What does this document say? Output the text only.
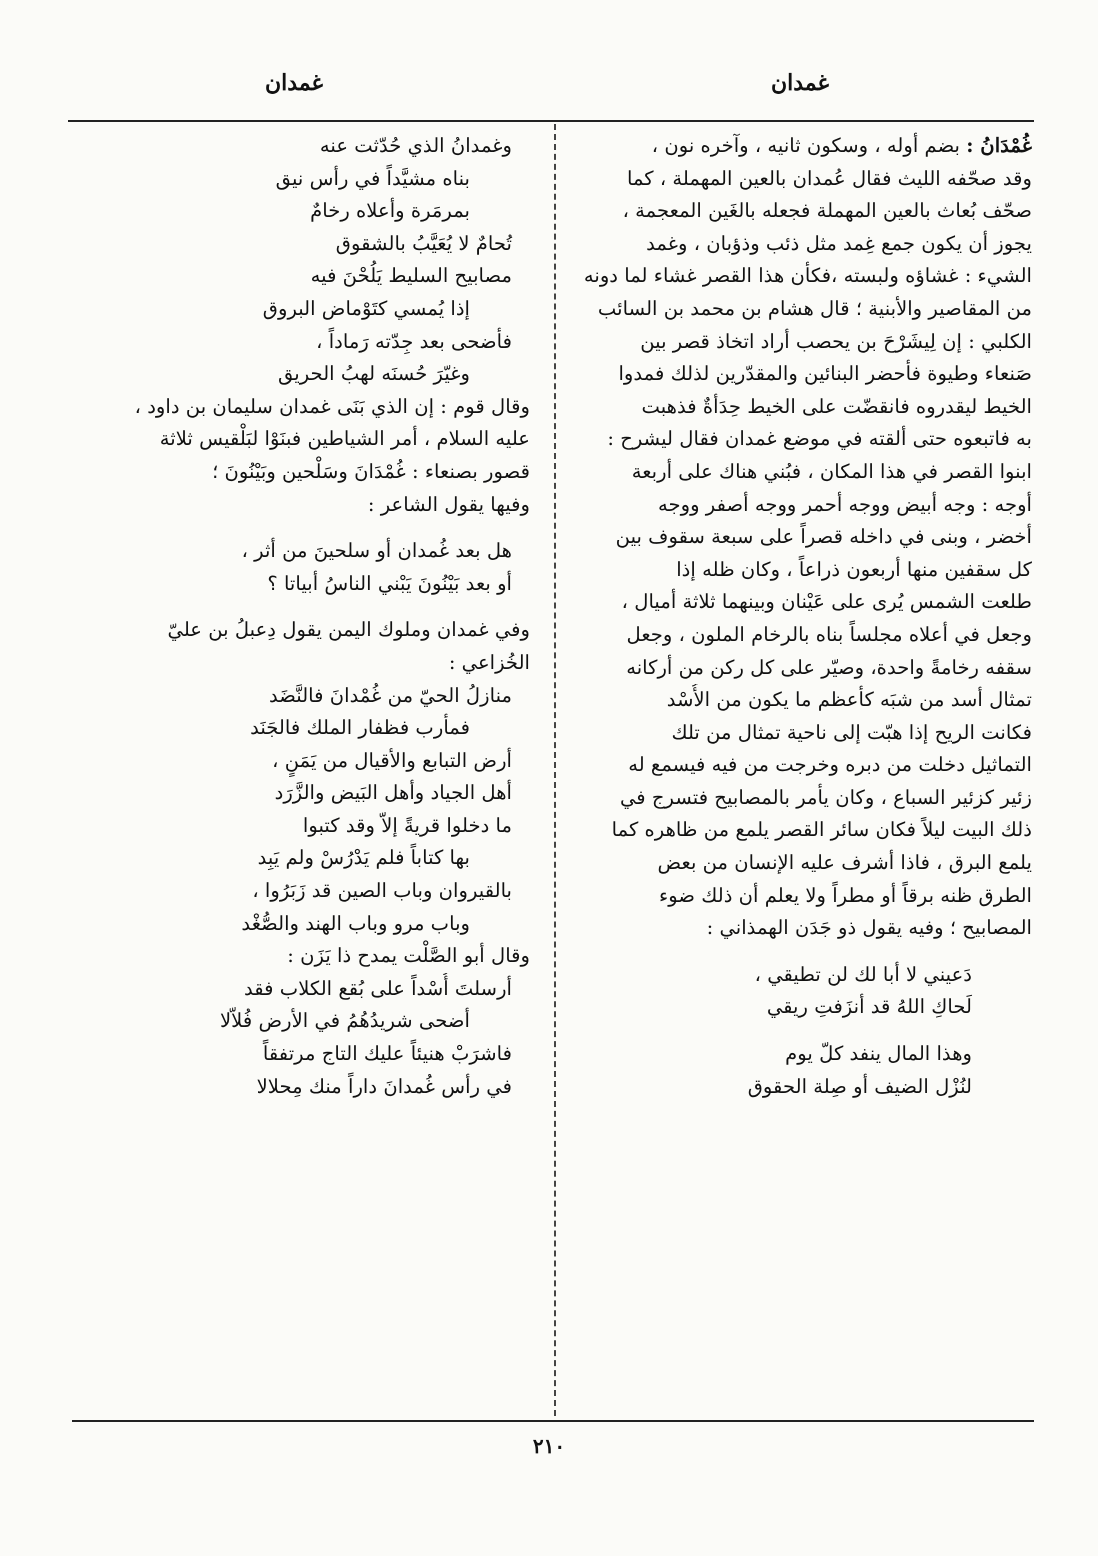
غمدان
غمدان
غُمْدَانُ : بضم أوله ، وسكون ثانيه ، وآخره نون ،
وقد صحّفه الليث فقال عُمدان بالعين المهملة ، كما
صحّف بُعاث بالعين المهملة فجعله بالغَين المعجمة ،
يجوز أن يكون جمع غِمد مثل ذئب وذؤبان ، وغمد
الشيء : غشاؤه ولبسته ،فكأن هذا القصر غشاء لما دونه
من المقاصير والأبنية ؛ قال هشام بن محمد بن السائب
الكلبي : إن لِيشَرْحَ بن يحصب أراد اتخاذ قصر بين
صَنعاء وطيوة فأحضر البنائين والمقدّرين لذلك فمدوا
الخيط ليقدروه فانقضّت على الخيط حِدَأةٌ فذهبت
به فاتبعوه حتى ألقته في موضع غمدان فقال ليشرح :
ابنوا القصر في هذا المكان ، فبُني هناك على أربعة
أوجه : وجه أبيض ووجه أحمر ووجه أصفر ووجه
أخضر ، وبنى في داخله قصراً على سبعة سقوف بين
كل سقفين منها أربعون ذراعاً ، وكان ظله إذا
طلعت الشمس يُرى على عَيْنان وبينهما ثلاثة أميال ،
وجعل في أعلاه مجلساً بناه بالرخام الملون ، وجعل
سقفه رخامةً واحدة، وصيّر على كل ركن من أركانه
تمثال أسد من شبَه كأعظم ما يكون من الأُسْد
فكانت الريح إذا هبّت إلى ناحية تمثال من تلك
التماثيل دخلت من دبره وخرجت من فيه فيسمع له
زئير كزئير السباع ، وكان يأمر بالمصابيح فتسرج في
ذلك البيت ليلاً فكان سائر القصر يلمع من ظاهره كما
يلمع البرق ، فاذا أشرف عليه الإنسان من بعض
الطرق ظنه برقاً أو مطراً ولا يعلم أن ذلك ضوء
المصابيح ؛ وفيه يقول ذو جَدَن الهمذاني :
دَعيني لا أبا لك لن تطيقي ،
لَحاكِ اللهُ قد أنزَفتِ ريقي
وهذا المال ينفد كلّ يوم
لنُزْل الضيف أو صِلة الحقوق
وغمدانُ الذي حُدّثت عنه
بناه مشيَّداً في رأس نيق
بمرمَرة وأعلاه رخامٌ
تُحامٌ لا يُعَيَّبُ بالشقوق
مصابيح السليط يَلُحْنَ فيه
إذا يُمسي كتَوْماض البروق
فأضحى بعد جِدّته رَماداً ،
وغيّرَ حُسنَه لهبُ الحريق
وقال قوم : إن الذي بَنَى غمدان سليمان بن داود ،
عليه السلام ، أمر الشياطين فبنَوْا لبَلْقيس ثلاثة
قصور بصنعاء : غُمْدَانَ وسَلْحين وبَيْنُونَ ؛
وفيها يقول الشاعر :
هل بعد غُمدان أو سلحينَ من أثر ،
أو بعد بَيْنُونَ يَبْني الناسُ أبياتا ؟
وفي غمدان وملوك اليمن يقول دِعبلُ بن عليّ
الخُزاعي :
منازلُ الحيّ من غُمْدانَ فالنَّضَد
فمأرب فظفار الملك فالجَنَد
أرض التبابع والأقيال من يَمَنٍ ،
أهل الجياد وأهل البَيض والزَّرَد
ما دخلوا قريةً إلاّ وقد كتبوا
بها كتاباً فلم يَدْرُسْ ولم يَبِد
بالقيروان وباب الصين قد زَبَرُوا ،
وباب مرو وباب الهند والصُّغْد
وقال أبو الصَّلْت يمدح ذا يَزَن :
أرسلتَ أُسْداً على بُقع الكلاب فقد
أضحى شريدُهُمُ في الأرض فُلاّلا
فاشرَبْ هنيئاً عليك التاج مرتفقاً
في رأس غُمدانَ داراً منك مِحلالا
٢١٠
